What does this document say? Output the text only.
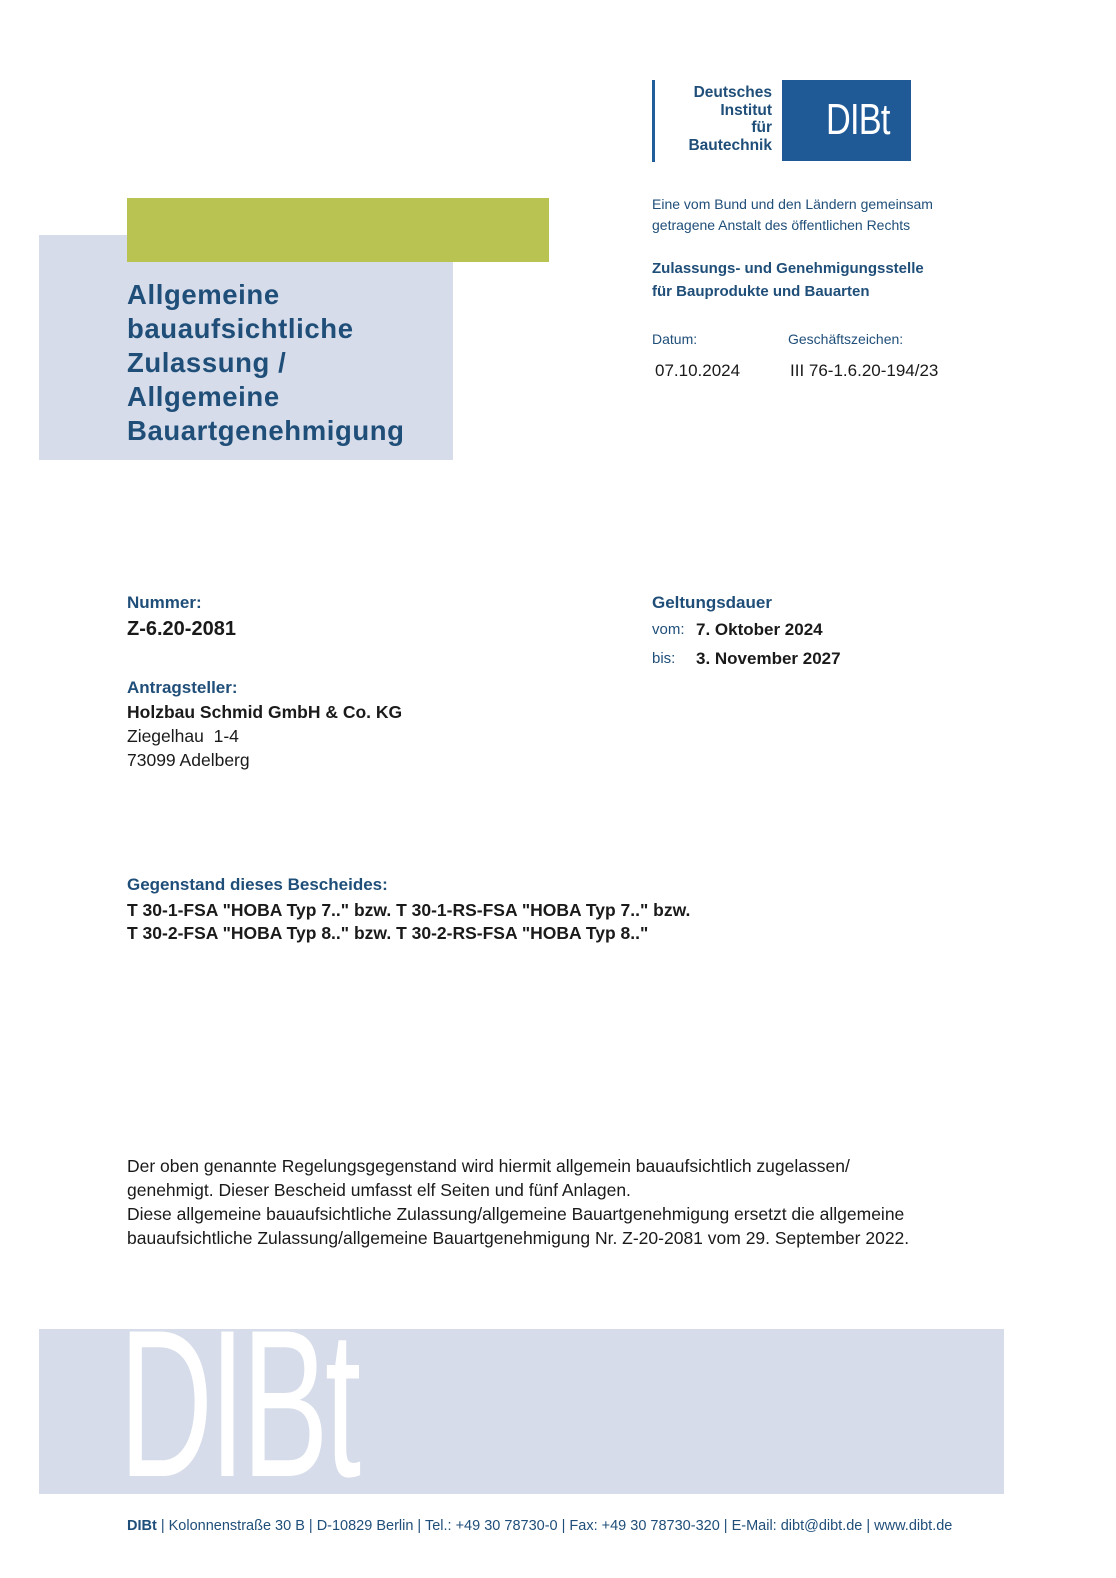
Deutsches
Institut
für
Bautechnik
DIBt
Eine vom Bund und den Ländern gemeinsam
getragene Anstalt des öffentlichen Rechts
Zulassungs- und Genehmigungsstelle
für Bauprodukte und Bauarten
Datum:	Geschäftszeichen:
07.10.2024	III 76-1.6.20-194/23
Allgemeine
bauaufsichtliche
Zulassung /
Allgemeine
Bauartgenehmigung
Nummer:
Z-6.20-2081
Geltungsdauer
vom: 7. Oktober 2024
bis: 3. November 2027
Antragsteller:
Holzbau Schmid GmbH & Co. KG
Ziegelhau  1-4
73099 Adelberg
Gegenstand dieses Bescheides:
T 30-1-FSA "HOBA Typ 7.." bzw. T 30-1-RS-FSA "HOBA Typ 7.." bzw.
T 30-2-FSA "HOBA Typ 8.." bzw. T 30-2-RS-FSA "HOBA Typ 8.."
Der oben genannte Regelungsgegenstand wird hiermit allgemein bauaufsichtlich zugelassen/
genehmigt. Dieser Bescheid umfasst elf Seiten und fünf Anlagen.
Diese allgemeine bauaufsichtliche Zulassung/allgemeine Bauartgenehmigung ersetzt die allgemeine
bauaufsichtliche Zulassung/allgemeine Bauartgenehmigung Nr. Z-20-2081 vom 29. September 2022.
DIBt
DIBt | Kolonnenstraße 30 B | D-10829 Berlin | Tel.: +49 30 78730-0 | Fax: +49 30 78730-320 | E-Mail: dibt@dibt.de | www.dibt.de
